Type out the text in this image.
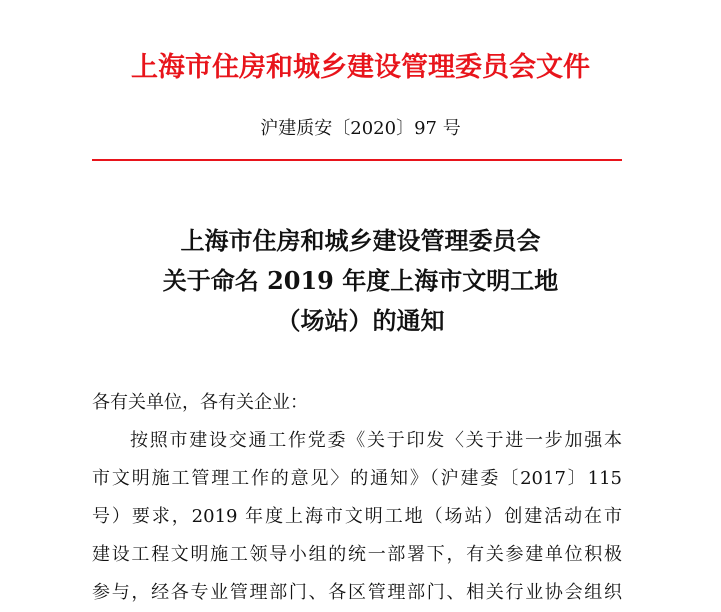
上海市住房和城乡建设管理委员会文件
沪建质安〔2020〕97 号
上海市住房和城乡建设管理委员会
关于命名 2019 年度上海市文明工地
（场站）的通知
各有关单位，各有关企业：
按照市建设交通工作党委《关于印发〈关于进一步加强本
市文明施工管理工作的意见〉的通知》（沪建委〔2017〕115
号）要求，2019 年度上海市文明工地（场站）创建活动在市
建设工程文明施工领导小组的统一部署下，有关参建单位积极
参与，经各专业管理部门、各区管理部门、相关行业协会组织
